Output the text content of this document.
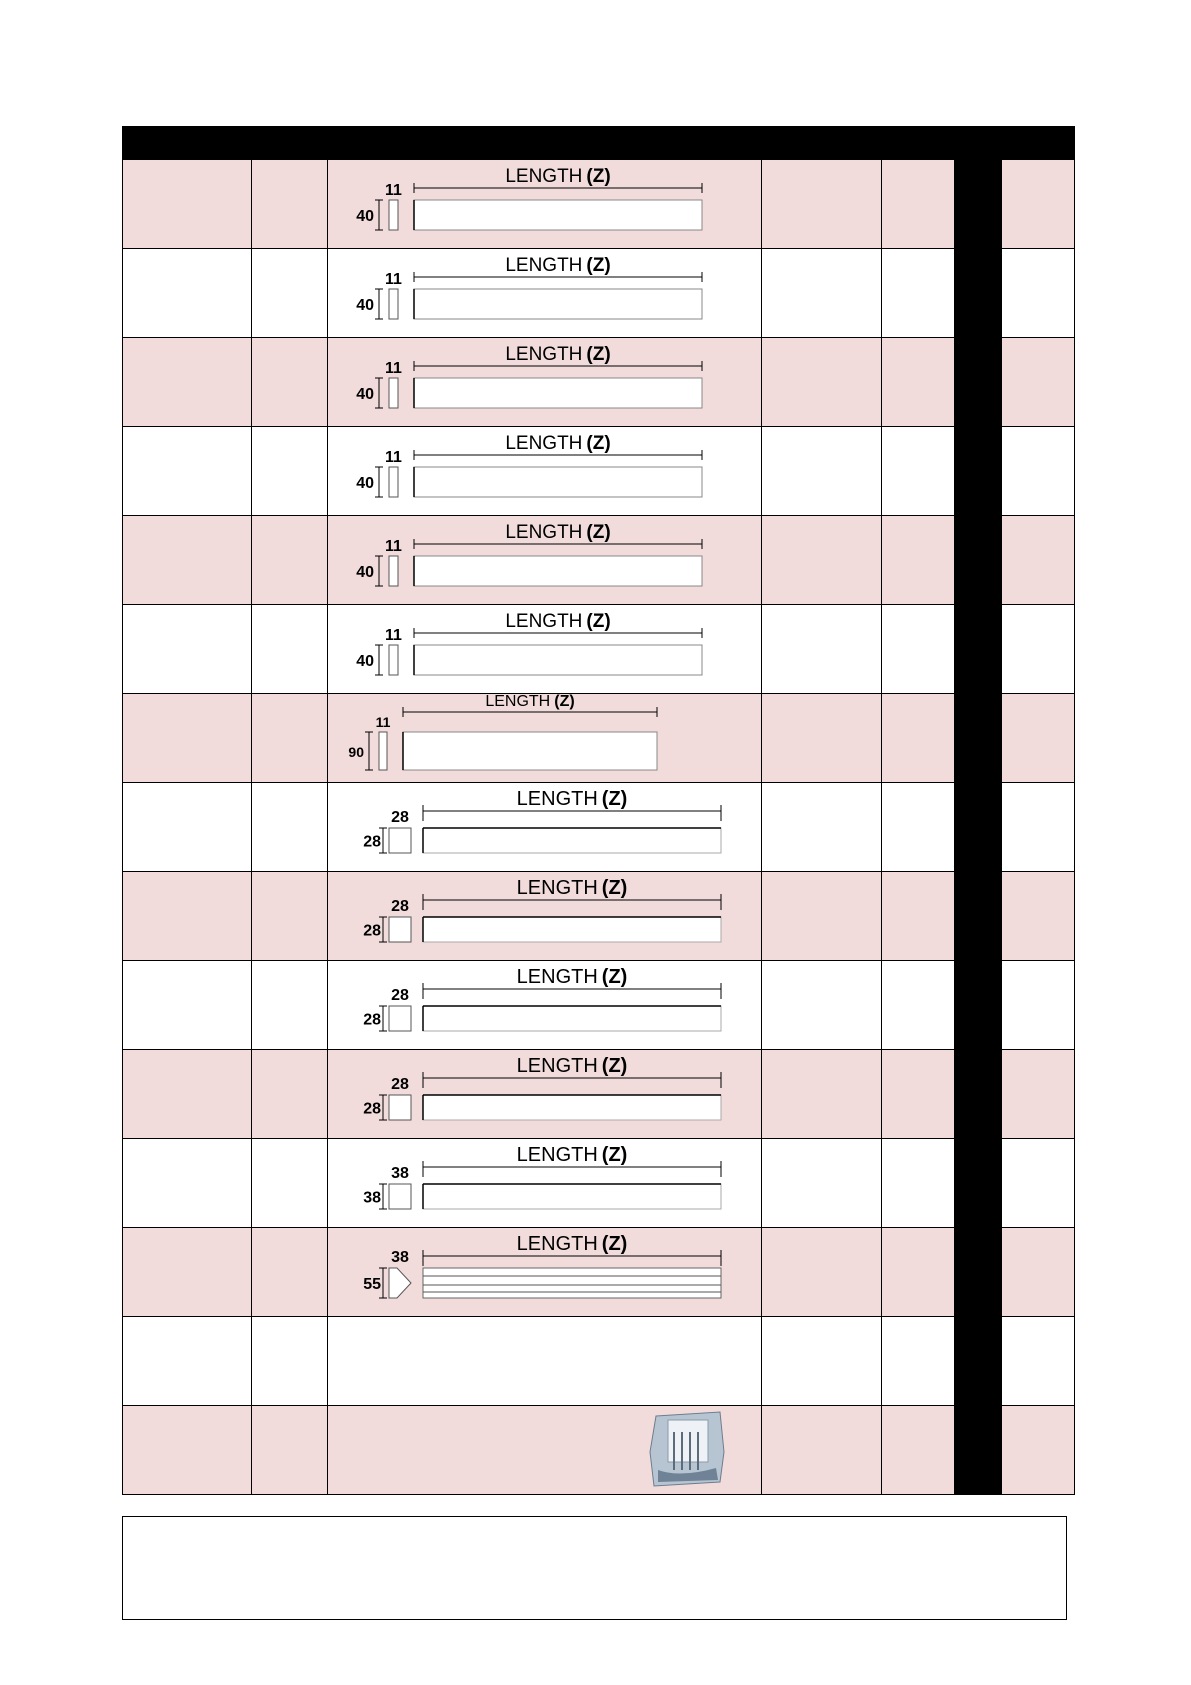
LENGTH (Z)
11
40				

LENGTH (Z)
11
40				

LENGTH (Z)
11
40				

LENGTH (Z)
11
40				

LENGTH (Z)
11
40				

LENGTH (Z)
11
40				

LENGTH (Z)
11
90				

LENGTH (Z)
28
28				

LENGTH (Z)
28
28				

LENGTH (Z)
28
28				

LENGTH (Z)
28
28				

LENGTH (Z)
38
38				

LENGTH (Z)
38
55				
